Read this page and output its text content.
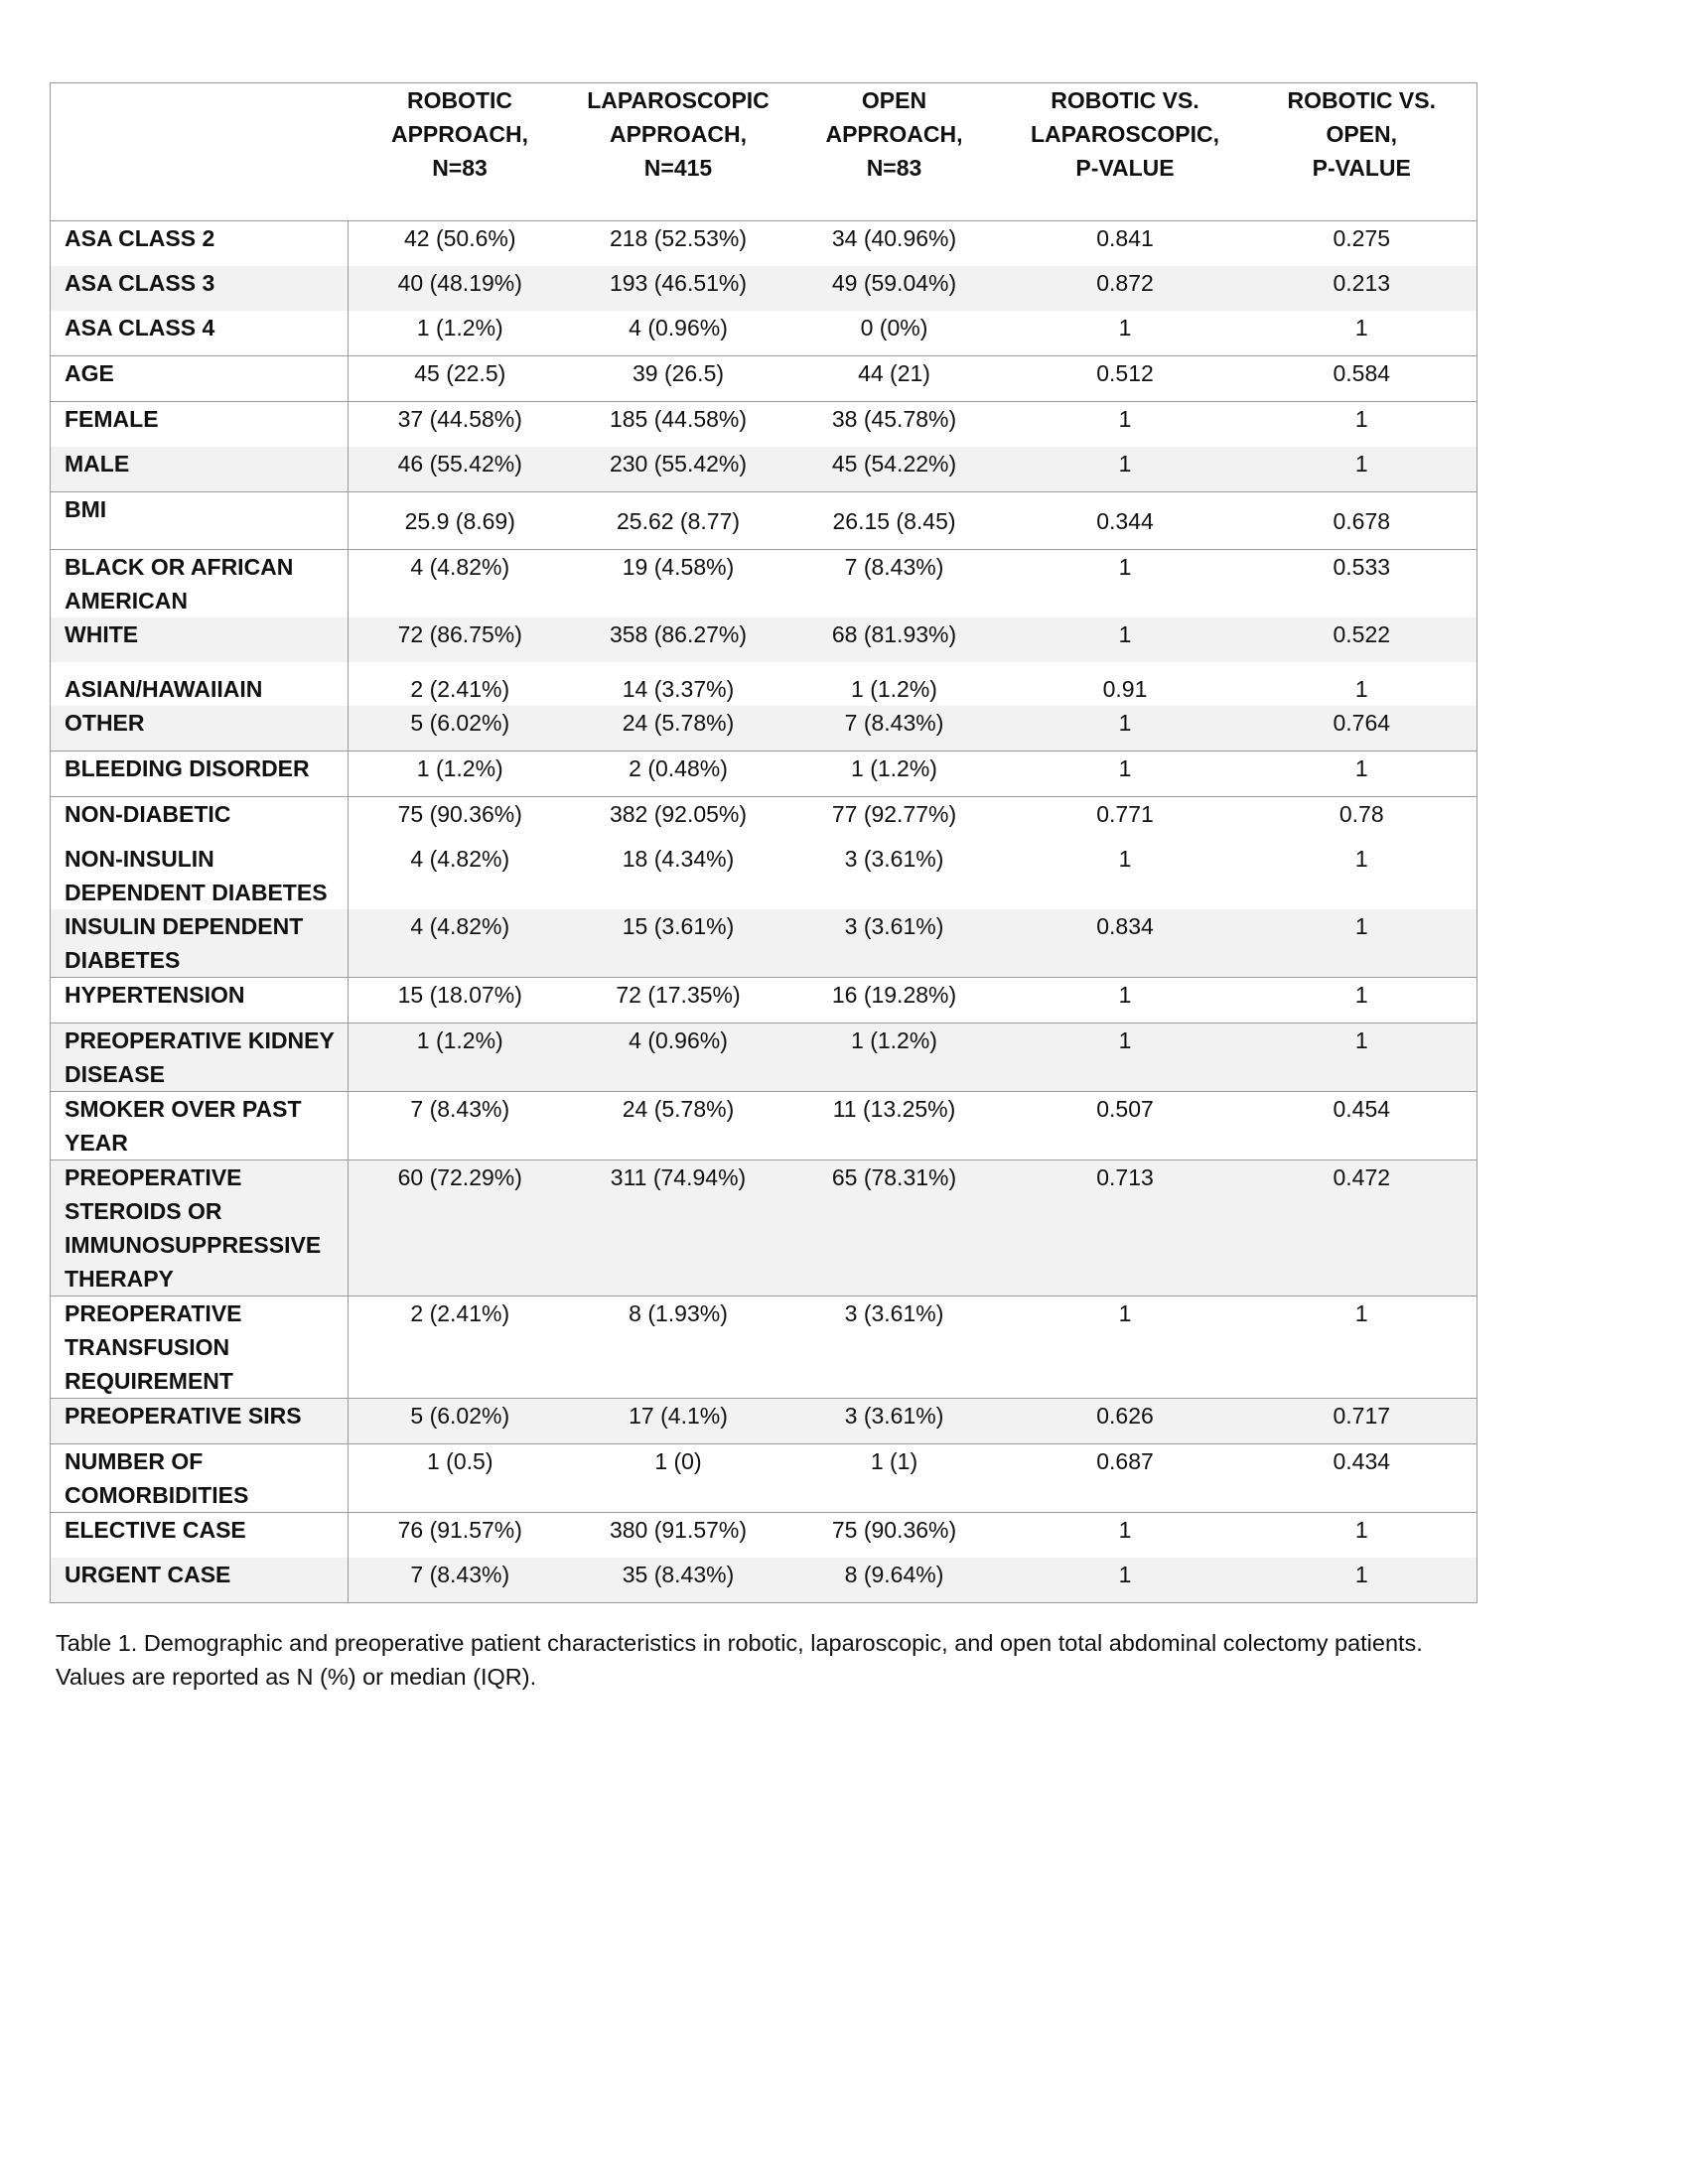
	ROBOTIC
APPROACH,
N=83	LAPAROSCOPIC
APPROACH,
N=415	OPEN
APPROACH,
N=83	ROBOTIC VS.
LAPAROSCOPIC,
P-VALUE	ROBOTIC VS.
OPEN,
P-VALUE

ASA CLASS 2	42 (50.6%)	218 (52.53%)	34 (40.96%)	0.841	0.275
ASA CLASS 3	40 (48.19%)	193 (46.51%)	49 (59.04%)	0.872	0.213
ASA CLASS 4	1 (1.2%)	4 (0.96%)	0 (0%)	1	1
AGE	45 (22.5)	39 (26.5)	44 (21)	0.512	0.584
FEMALE	37 (44.58%)	185 (44.58%)	38 (45.78%)	1	1
MALE	46 (55.42%)	230 (55.42%)	45 (54.22%)	1	1
BMI	25.9 (8.69)	25.62 (8.77)	26.15 (8.45)	0.344	0.678
BLACK OR AFRICAN AMERICAN	4 (4.82%)	19 (4.58%)	7 (8.43%)	1	0.533
WHITE	72 (86.75%)	358 (86.27%)	68 (81.93%)	1	0.522
ASIAN/HAWAIIAIN	2 (2.41%)	14 (3.37%)	1 (1.2%)	0.91	1
OTHER	5 (6.02%)	24 (5.78%)	7 (8.43%)	1	0.764
BLEEDING DISORDER	1 (1.2%)	2 (0.48%)	1 (1.2%)	1	1
NON-DIABETIC	75 (90.36%)	382 (92.05%)	77 (92.77%)	0.771	0.78
NON-INSULIN DEPENDENT DIABETES	4 (4.82%)	18 (4.34%)	3 (3.61%)	1	1
INSULIN DEPENDENT DIABETES	4 (4.82%)	15 (3.61%)	3 (3.61%)	0.834	1
HYPERTENSION	15 (18.07%)	72 (17.35%)	16 (19.28%)	1	1
PREOPERATIVE KIDNEY DISEASE	1 (1.2%)	4 (0.96%)	1 (1.2%)	1	1
SMOKER OVER PAST YEAR	7 (8.43%)	24 (5.78%)	11 (13.25%)	0.507	0.454
PREOPERATIVE STEROIDS OR IMMUNOSUPPRESSIVE THERAPY	60 (72.29%)	311 (74.94%)	65 (78.31%)	0.713	0.472
PREOPERATIVE TRANSFUSION REQUIREMENT	2 (2.41%)	8 (1.93%)	3 (3.61%)	1	1
PREOPERATIVE SIRS	5 (6.02%)	17 (4.1%)	3 (3.61%)	0.626	0.717
NUMBER OF COMORBIDITIES	1 (0.5)	1 (0)	1 (1)	0.687	0.434
ELECTIVE CASE	76 (91.57%)	380 (91.57%)	75 (90.36%)	1	1
URGENT CASE	7 (8.43%)	35 (8.43%)	8 (9.64%)	1	1

Table 1. Demographic and preoperative patient characteristics in robotic, laparoscopic, and open total abdominal colectomy patients. Values are reported as N (%) or median (IQR).
